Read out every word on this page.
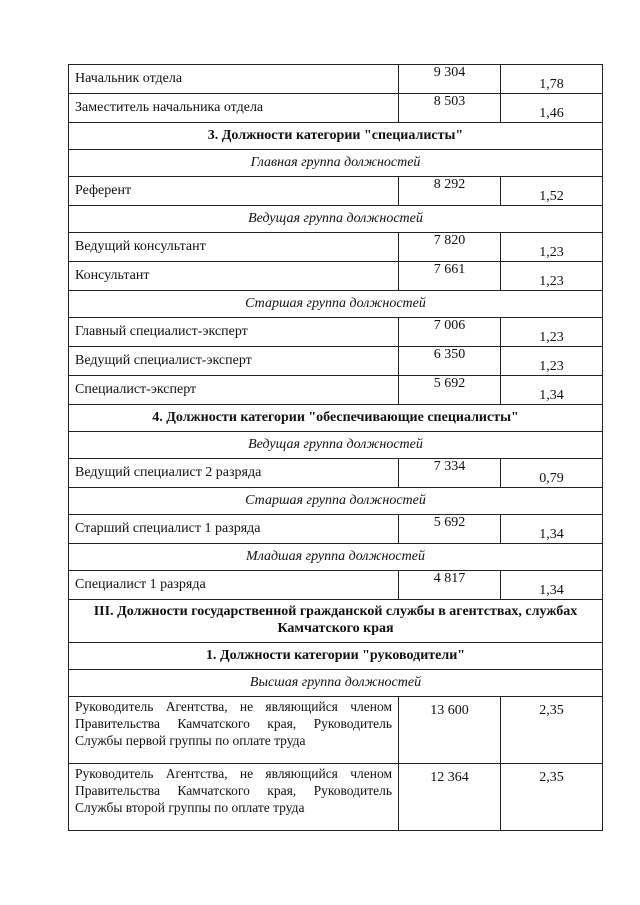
Начальник отдела	9 304	1,78
Заместитель начальника отдела	8 503	1,46
3. Должности категории "специалисты"		
Главная группа должностей		
Референт	8 292	1,52
Ведущая группа должностей		
Ведущий консультант	7 820	1,23
Консультант	7 661	1,23
Старшая группа должностей		
Главный специалист-эксперт	7 006	1,23
Ведущий специалист-эксперт	6 350	1,23
Специалист-эксперт	5 692	1,34
4. Должности категории "обеспечивающие специалисты"		
Ведущая группа должностей		
Ведущий специалист 2 разряда	7 334	0,79
Старшая группа должностей		
Старший специалист 1 разряда	5 692	1,34
Младшая группа должностей		
Специалист 1 разряда	4 817	1,34
III. Должности государственной гражданской службы в агентствах, службах Камчатского края		
1. Должности категории "руководители"		
Высшая группа должностей		
Руководитель Агентства, не являющийся членом Правительства Камчатского края, Руководитель Службы первой группы по оплате труда	13 600	2,35
Руководитель Агентства, не являющийся членом Правительства Камчатского края, Руководитель Службы второй группы по оплате труда	12 364	2,35
